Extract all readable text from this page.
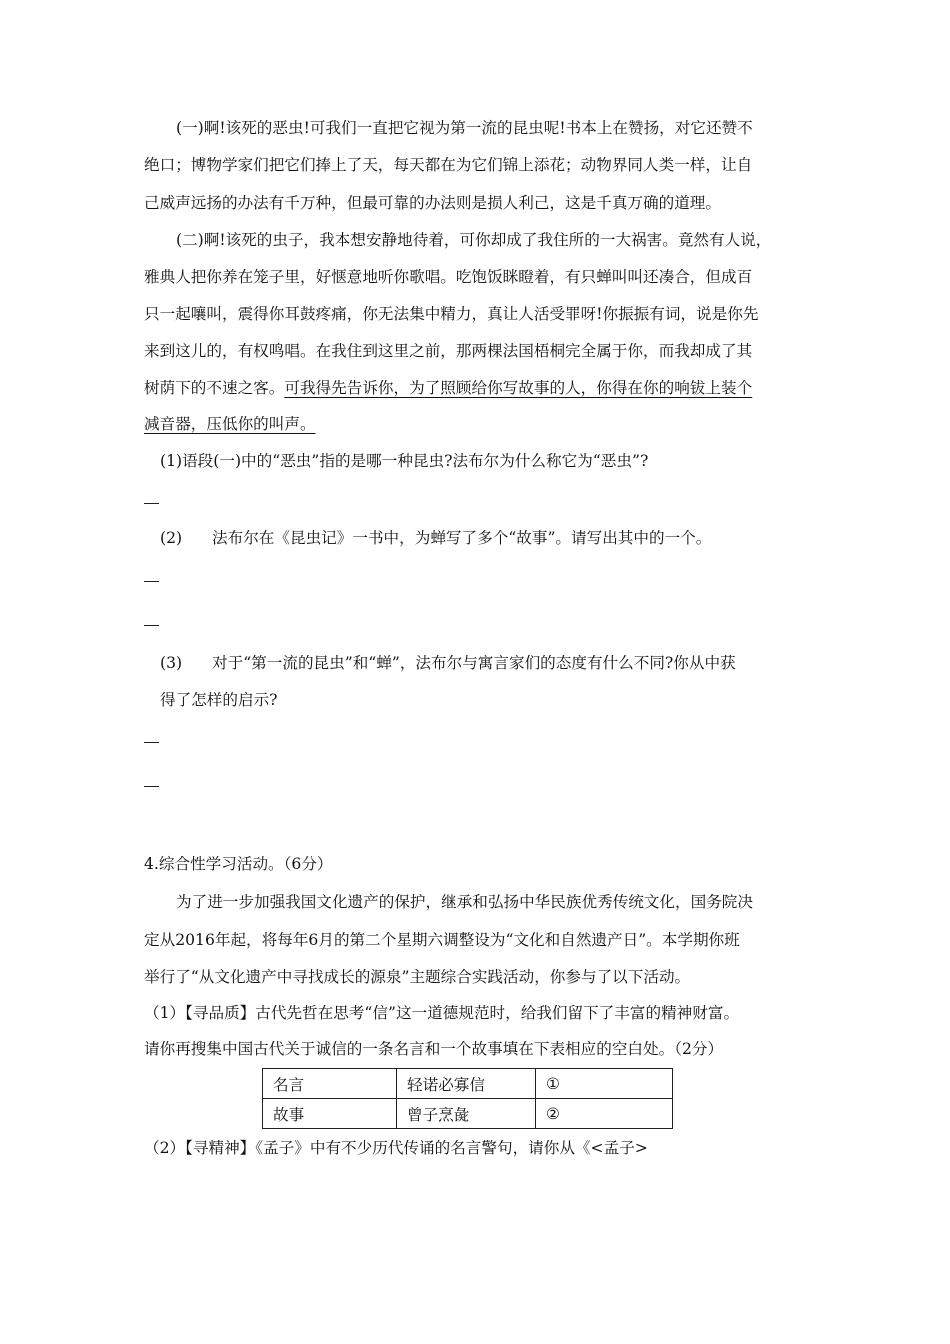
(一)啊!该死的恶虫!可我们一直把它视为第一流的昆虫呢!书本上在赞扬，对它还赞不
绝口；博物学家们把它们捧上了天，每天都在为它们锦上添花；动物界同人类一样，让自
己威声远扬的办法有千万种，但最可靠的办法则是损人利己，这是千真万确的道理。
(二)啊!该死的虫子，我本想安静地待着，可你却成了我住所的一大祸害。竟然有人说，
雅典人把你养在笼子里，好惬意地听你歌唱。吃饱饭眯瞪着，有只蝉叫叫还凑合，但成百
只一起嚷叫，震得你耳鼓疼痛，你无法集中精力，真让人活受罪呀!你振振有词，说是你先
来到这儿的，有权鸣唱。在我住到这里之前，那两棵法国梧桐完全属于你，而我却成了其
树荫下的不速之客。可我得先告诉你，为了照顾给你写故事的人，你得在你的响钹上装个
减音器，压低你的叫声。
(1)语段(一)中的“恶虫”指的是哪一种昆虫?法布尔为什么称它为“恶虫”?
(2) 法布尔在《昆虫记》一书中，为蝉写了多个“故事”。请写出其中的一个。
(3) 对于“第一流的昆虫”和“蝉”，法布尔与寓言家们的态度有什么不同?你从中获
得了怎样的启示?
4.综合性学习活动。（6分）
为了进一步加强我国文化遗产的保护，继承和弘扬中华民族优秀传统文化，国务院决
定从2016年起，将每年6月的第二个星期六调整设为“文化和自然遗产日”。本学期你班
举行了“从文化遗产中寻找成长的源泉”主题综合实践活动，你参与了以下活动。
（1）【寻品质】古代先哲在思考“信”这一道德规范时，给我们留下了丰富的精神财富。
请你再搜集中国古代关于诚信的一条名言和一个故事填在下表相应的空白处。（2分）
名言	轻诺必寡信	①
故事	曾子烹彘	②
（2）【寻精神】《孟子》中有不少历代传诵的名言警句，请你从《<孟子>
